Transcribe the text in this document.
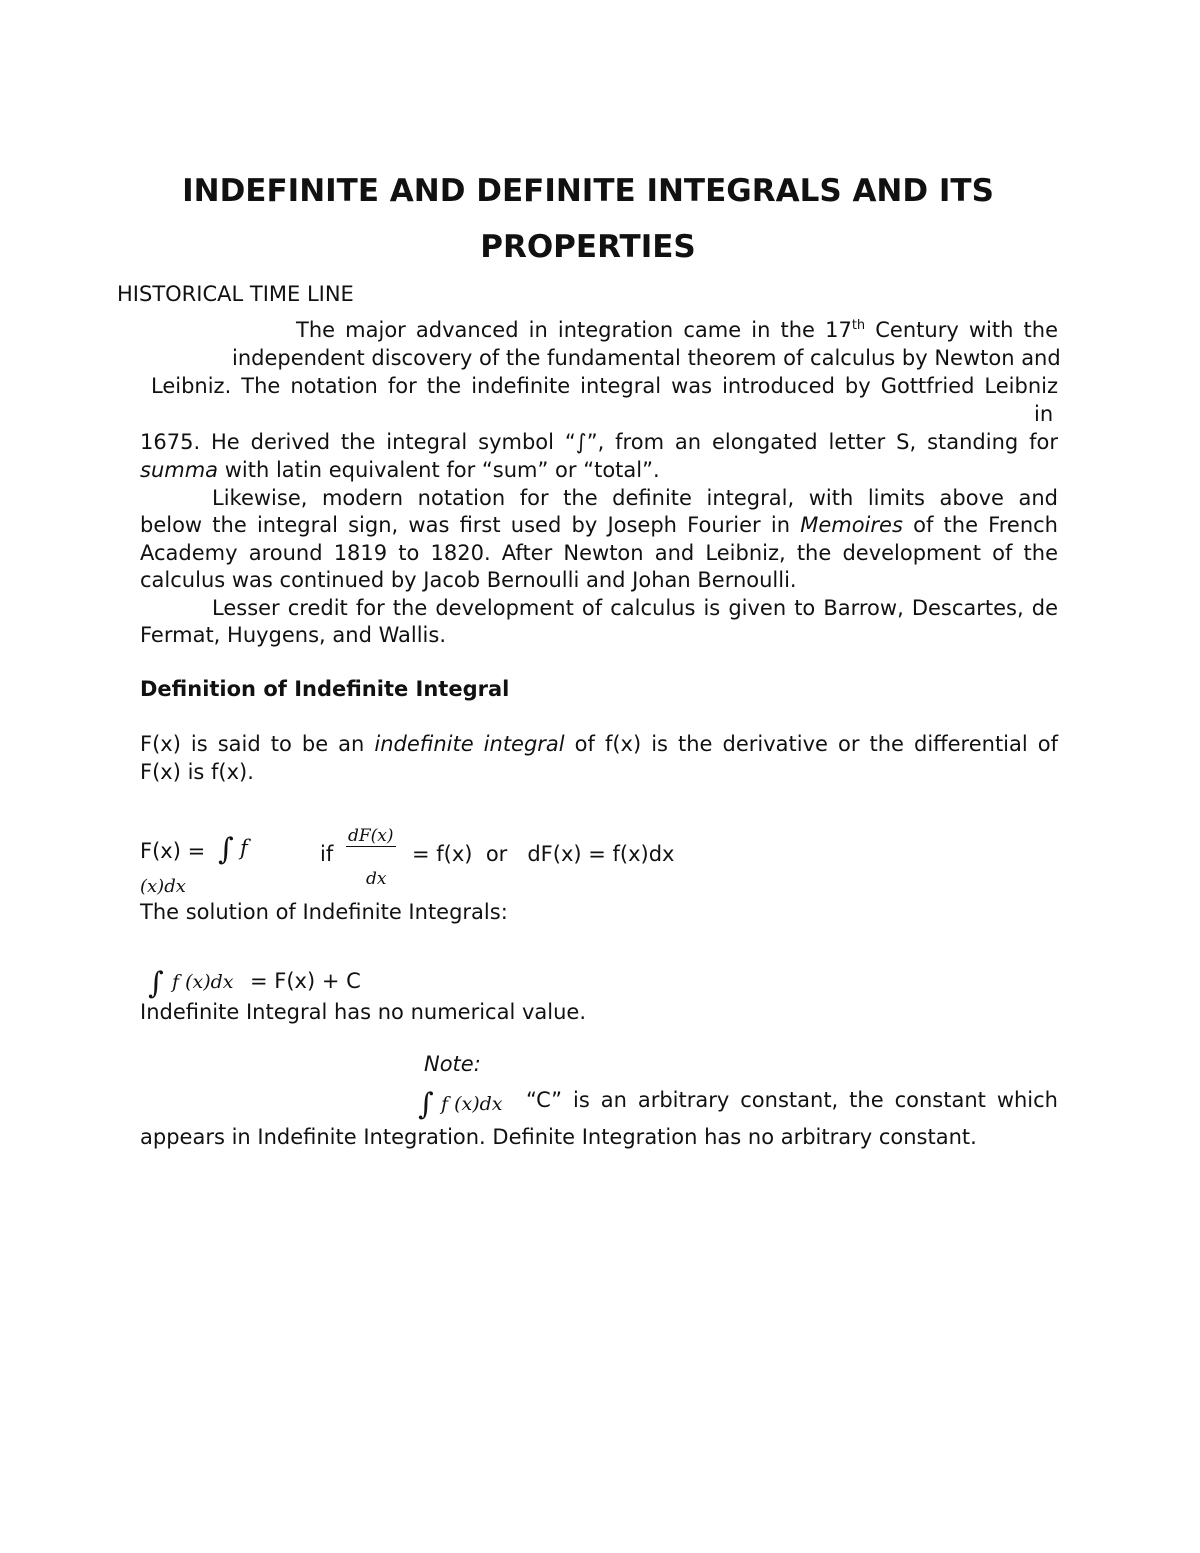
INDEFINITE AND DEFINITE INTEGRALS AND ITS
PROPERTIES
HISTORICAL TIME LINE
The major advanced in integration came in the 17th Century with the
independent discovery of the fundamental theorem of calculus by Newton and
Leibniz. The notation for the indefinite integral was introduced by Gottfried Leibniz
in
1675. He derived the integral symbol “∫”, from an elongated letter S, standing for
summa with latin equivalent for “sum” or “total”.
Likewise, modern notation for the definite integral, with limits above and
below the integral sign, was first used by Joseph Fourier in Memoires of the French
Academy around 1819 to 1820. After Newton and Leibniz, the development of the
calculus was continued by Jacob Bernoulli and Johan Bernoulli.
Lesser credit for the development of calculus is given to Barrow, Descartes, de
Fermat, Huygens, and Wallis.
Definition of Indefinite Integral
F(x) is said to be an indefinite integral of f(x) is the derivative or the differential of
F(x) is f(x).
F(x) = ∫ f
(x)dx
if
dF(x)
dx
= f(x)  or   dF(x) = f(x)dx
The solution of Indefinite Integrals:
∫ f (x)dx = F(x) + C
Indefinite Integral has no numerical value.
Note:
∫ f (x)dx “C” is an arbitrary constant, the constant which
appears in Indefinite Integration. Definite Integration has no arbitrary constant.
